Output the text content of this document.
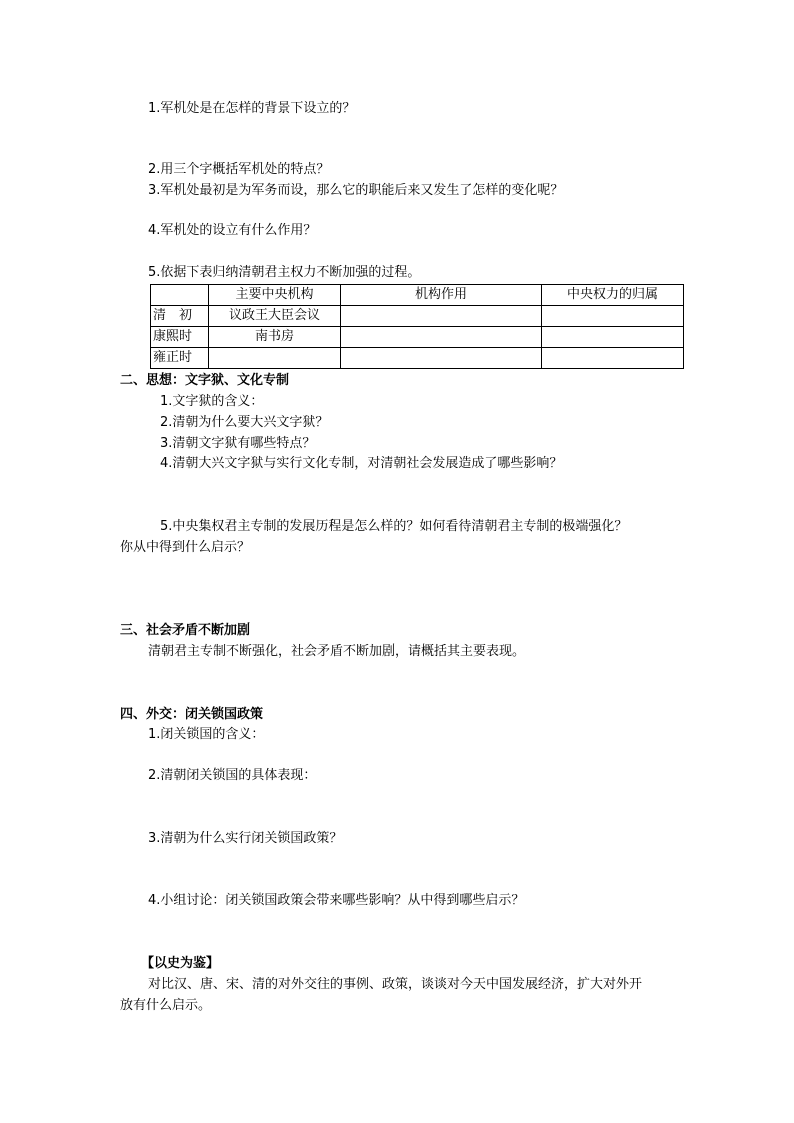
1.军机处是在怎样的背景下设立的？
2.用三个字概括军机处的特点？
3.军机处最初是为军务而设，那么它的职能后来又发生了怎样的变化呢？
4.军机处的设立有什么作用？
5.依据下表归纳清朝君主权力不断加强的过程。
	主要中央机构	机构作用	中央权力的归属
清　初	议政王大臣会议		
康熙时	南书房		
雍正时			
二、思想：文字狱、文化专制
1.文字狱的含义：
2.清朝为什么要大兴文字狱？
3.清朝文字狱有哪些特点？
4.清朝大兴文字狱与实行文化专制，对清朝社会发展造成了哪些影响？
5.中央集权君主专制的发展历程是怎么样的？如何看待清朝君主专制的极端强化？
你从中得到什么启示？
三、社会矛盾不断加剧
清朝君主专制不断强化，社会矛盾不断加剧，请概括其主要表现。
四、外交：闭关锁国政策
1.闭关锁国的含义：
2.清朝闭关锁国的具体表现：
3.清朝为什么实行闭关锁国政策？
4.小组讨论：闭关锁国政策会带来哪些影响？从中得到哪些启示？
【以史为鉴】
对比汉、唐、宋、清的对外交往的事例、政策，谈谈对今天中国发展经济，扩大对外开
放有什么启示。
